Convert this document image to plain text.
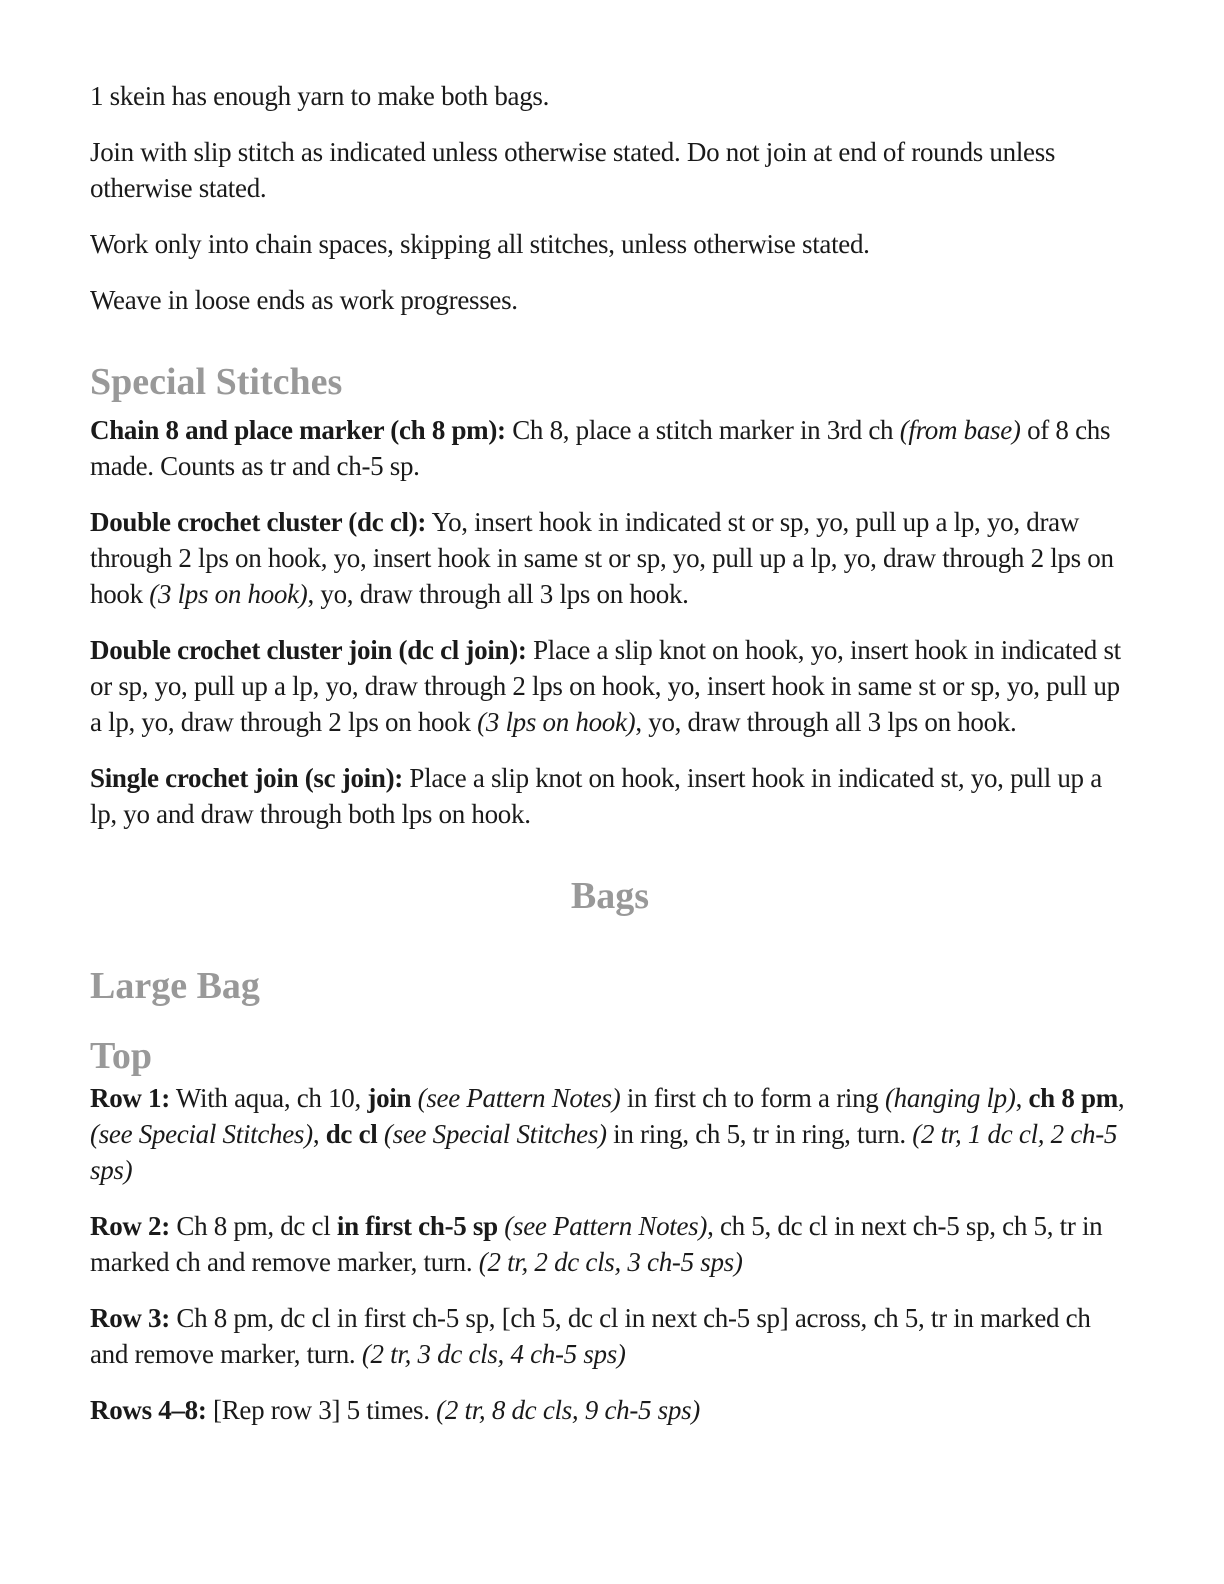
1 skein has enough yarn to make both bags.

Join with slip stitch as indicated unless otherwise stated. Do not join at end of rounds unless otherwise stated.

Work only into chain spaces, skipping all stitches, unless otherwise stated.

Weave in loose ends as work progresses.

Special Stitches

Chain 8 and place marker (ch 8 pm): Ch 8, place a stitch marker in 3rd ch (from base) of 8 chs made. Counts as tr and ch-5 sp.

Double crochet cluster (dc cl): Yo, insert hook in indicated st or sp, yo, pull up a lp, yo, draw through 2 lps on hook, yo, insert hook in same st or sp, yo, pull up a lp, yo, draw through 2 lps on hook (3 lps on hook), yo, draw through all 3 lps on hook.

Double crochet cluster join (dc cl join): Place a slip knot on hook, yo, insert hook in indicated st or sp, yo, pull up a lp, yo, draw through 2 lps on hook, yo, insert hook in same st or sp, yo, pull up a lp, yo, draw through 2 lps on hook (3 lps on hook), yo, draw through all 3 lps on hook.

Single crochet join (sc join): Place a slip knot on hook, insert hook in indicated st, yo, pull up a lp, yo and draw through both lps on hook.

Bags
Large Bag
Top

Row 1: With aqua, ch 10, join (see Pattern Notes) in first ch to form a ring (hanging lp), ch 8 pm, (see Special Stitches), dc cl (see Special Stitches) in ring, ch 5, tr in ring, turn. (2 tr, 1 dc cl, 2 ch-5 sps)

Row 2: Ch 8 pm, dc cl in first ch-5 sp (see Pattern Notes), ch 5, dc cl in next ch-5 sp, ch 5, tr in marked ch and remove marker, turn. (2 tr, 2 dc cls, 3 ch-5 sps)

Row 3: Ch 8 pm, dc cl in first ch-5 sp, [ch 5, dc cl in next ch-5 sp] across, ch 5, tr in marked ch and remove marker, turn. (2 tr, 3 dc cls, 4 ch-5 sps)

Rows 4–8: [Rep row 3] 5 times. (2 tr, 8 dc cls, 9 ch-5 sps)
